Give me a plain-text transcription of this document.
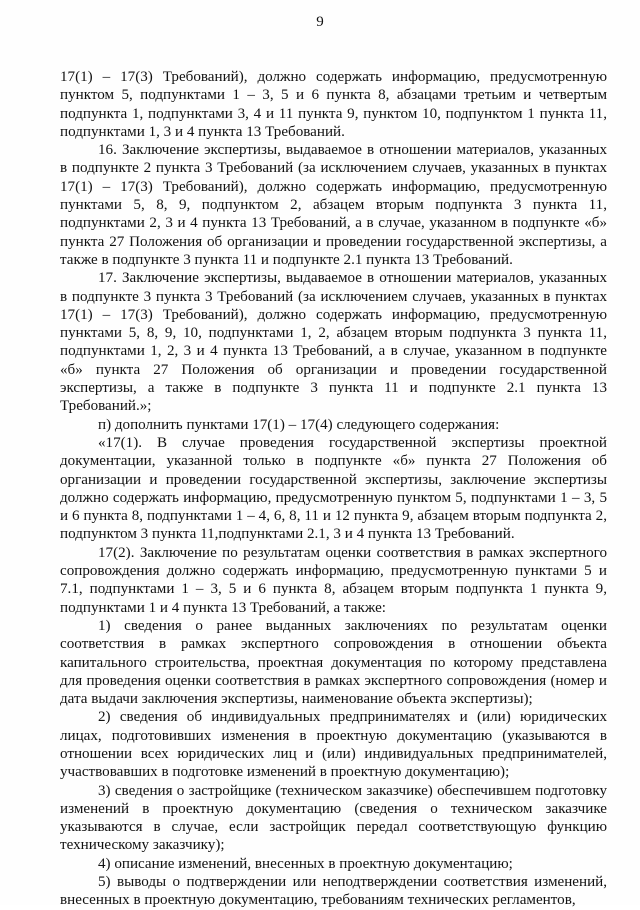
9

17(1) – 17(3) Требований), должно содержать информацию, предусмотренную пунктом 5, подпунктами 1 – 3, 5 и 6 пункта 8, абзацами третьим и четвертым подпункта 1, подпунктами 3, 4 и 11 пункта 9, пунктом 10, подпунктом 1 пункта 11, подпунктами 1, 3 и 4 пункта 13 Требований.

16. Заключение экспертизы, выдаваемое в отношении материалов, указанных в подпункте 2 пункта 3 Требований (за исключением случаев, указанных в пунктах 17(1) – 17(3) Требований), должно содержать информацию, предусмотренную пунктами 5, 8, 9, подпунктом 2, абзацем вторым подпункта 3 пункта 11, подпунктами 2, 3 и 4 пункта 13 Требований, а в случае, указанном в подпункте «б» пункта 27 Положения об организации и проведении государственной экспертизы, а также в подпункте 3 пункта 11 и подпункте 2.1 пункта 13 Требований.

17. Заключение экспертизы, выдаваемое в отношении материалов, указанных в подпункте 3 пункта 3 Требований (за исключением случаев, указанных в пунктах 17(1) – 17(3) Требований), должно содержать информацию, предусмотренную пунктами 5, 8, 9, 10, подпунктами 1, 2, абзацем вторым подпункта 3 пункта 11, подпунктами 1, 2, 3 и 4 пункта 13 Требований, а в случае, указанном в подпункте «б» пункта 27 Положения об организации и проведении государственной экспертизы, а также в подпункте 3 пункта 11 и подпункте 2.1 пункта 13 Требований.»;

п) дополнить пунктами 17(1) – 17(4) следующего содержания:

«17(1). В случае проведения государственной экспертизы проектной документации, указанной только в подпункте «б» пункта 27 Положения об организации и проведении государственной экспертизы, заключение экспертизы должно содержать информацию, предусмотренную пунктом 5, подпунктами 1 – 3, 5 и 6 пункта 8, подпунктами 1 – 4, 6, 8, 11 и 12 пункта 9, абзацем вторым подпункта 2, подпунктом 3 пункта 11,подпунктами 2.1, 3 и 4 пункта 13 Требований.

17(2). Заключение по результатам оценки соответствия в рамках экспертного сопровождения должно содержать информацию, предусмотренную пунктами 5 и 7.1, подпунктами 1 – 3, 5 и 6 пункта 8, абзацем вторым подпункта 1 пункта 9, подпунктами 1 и 4 пункта 13 Требований, а также:

1) сведения о ранее выданных заключениях по результатам оценки соответствия в рамках экспертного сопровождения в отношении объекта капитального строительства, проектная документация по которому представлена для проведения оценки соответствия в рамках экспертного сопровождения (номер и дата выдачи заключения экспертизы, наименование объекта экспертизы);

2) сведения об индивидуальных предпринимателях и (или) юридических лицах, подготовивших изменения в проектную документацию (указываются в отношении всех юридических лиц и (или) индивидуальных предпринимателей, участвовавших в подготовке изменений в проектную документацию);

3) сведения о застройщике (техническом заказчике) обеспечившем подготовку изменений в проектную документацию (сведения о техническом заказчике указываются в случае, если застройщик передал соответствующую функцию техническому заказчику);

4) описание изменений, внесенных в проектную документацию;

5) выводы о подтверждении или неподтверждении соответствия изменений, внесенных в проектную документацию, требованиям технических регламентов,
